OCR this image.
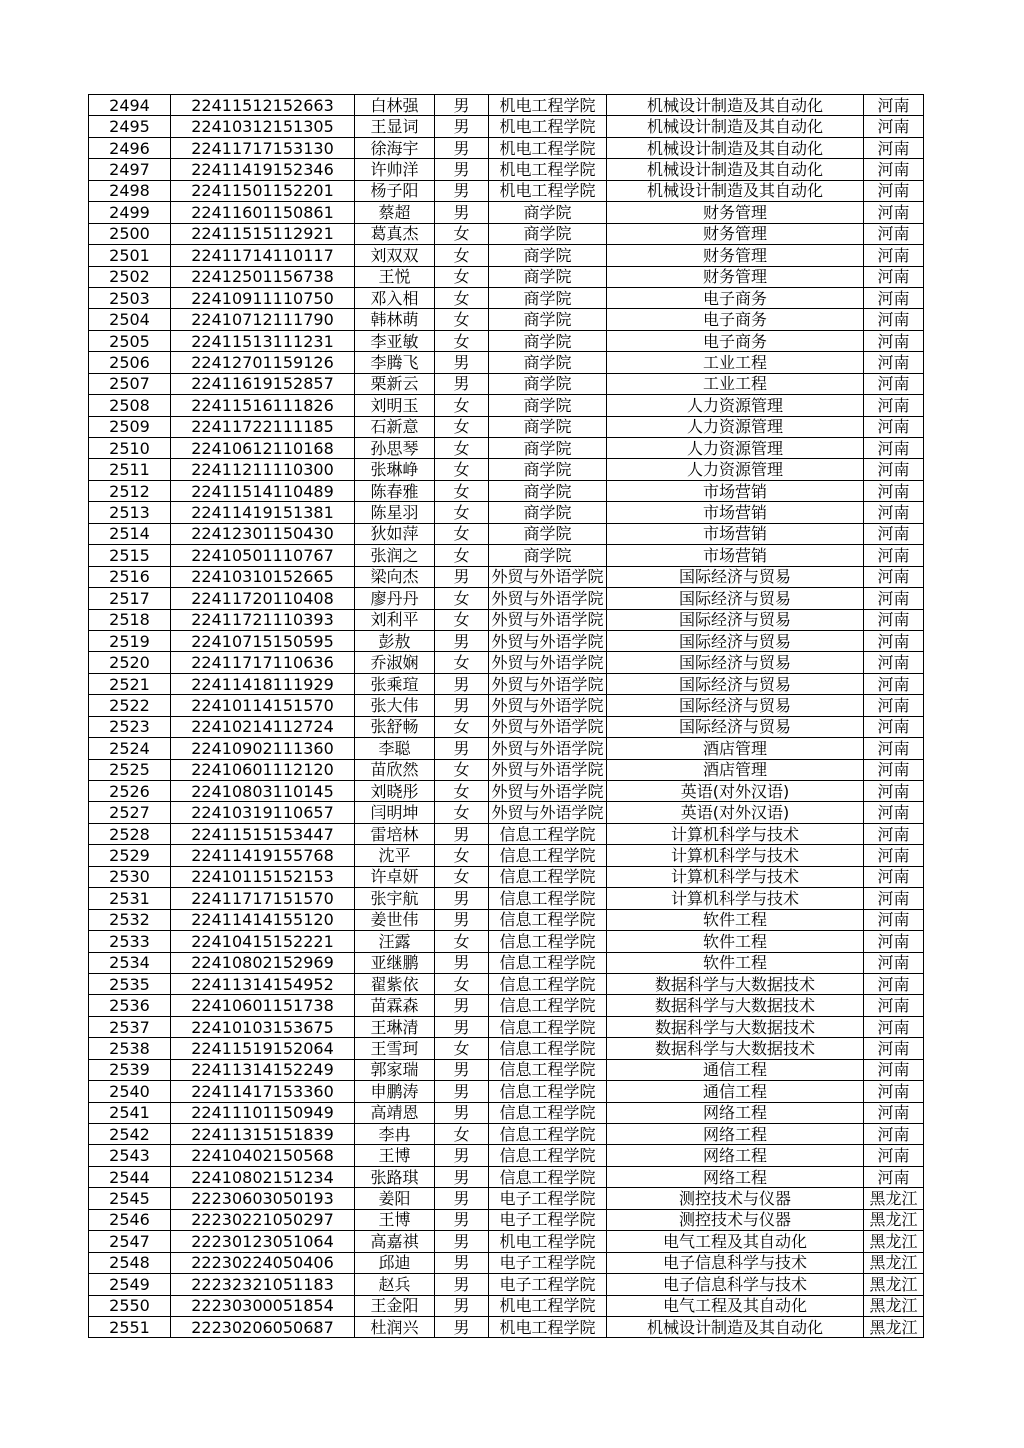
2494	22411512152663	白林强	男	机电工程学院	机械设计制造及其自动化	河南
2495	22410312151305	王显词	男	机电工程学院	机械设计制造及其自动化	河南
2496	22411717153130	徐海宇	男	机电工程学院	机械设计制造及其自动化	河南
2497	22411419152346	许帅洋	男	机电工程学院	机械设计制造及其自动化	河南
2498	22411501152201	杨子阳	男	机电工程学院	机械设计制造及其自动化	河南
2499	22411601150861	蔡超	男	商学院	财务管理	河南
2500	22411515112921	葛真杰	女	商学院	财务管理	河南
2501	22411714110117	刘双双	女	商学院	财务管理	河南
2502	22412501156738	王悦	女	商学院	财务管理	河南
2503	22410911110750	邓入相	女	商学院	电子商务	河南
2504	22410712111790	韩林萌	女	商学院	电子商务	河南
2505	22411513111231	李亚敏	女	商学院	电子商务	河南
2506	22412701159126	李腾飞	男	商学院	工业工程	河南
2507	22411619152857	栗新云	男	商学院	工业工程	河南
2508	22411516111826	刘明玉	女	商学院	人力资源管理	河南
2509	22411722111185	石新意	女	商学院	人力资源管理	河南
2510	22410612110168	孙思琴	女	商学院	人力资源管理	河南
2511	22411211110300	张琳峥	女	商学院	人力资源管理	河南
2512	22411514110489	陈春雅	女	商学院	市场营销	河南
2513	22411419151381	陈星羽	女	商学院	市场营销	河南
2514	22412301150430	狄如萍	女	商学院	市场营销	河南
2515	22410501110767	张润之	女	商学院	市场营销	河南
2516	22410310152665	梁向杰	男	外贸与外语学院	国际经济与贸易	河南
2517	22411720110408	廖丹丹	女	外贸与外语学院	国际经济与贸易	河南
2518	22411721110393	刘利平	女	外贸与外语学院	国际经济与贸易	河南
2519	22410715150595	彭敖	男	外贸与外语学院	国际经济与贸易	河南
2520	22411717110636	乔淑娴	女	外贸与外语学院	国际经济与贸易	河南
2521	22411418111929	张乘瑄	男	外贸与外语学院	国际经济与贸易	河南
2522	22410114151570	张大伟	男	外贸与外语学院	国际经济与贸易	河南
2523	22410214112724	张舒畅	女	外贸与外语学院	国际经济与贸易	河南
2524	22410902111360	李聪	男	外贸与外语学院	酒店管理	河南
2525	22410601112120	苗欣然	女	外贸与外语学院	酒店管理	河南
2526	22410803110145	刘晓彤	女	外贸与外语学院	英语(对外汉语)	河南
2527	22410319110657	闫明坤	女	外贸与外语学院	英语(对外汉语)	河南
2528	22411515153447	雷培林	男	信息工程学院	计算机科学与技术	河南
2529	22411419155768	沈平	女	信息工程学院	计算机科学与技术	河南
2530	22410115152153	许卓妍	女	信息工程学院	计算机科学与技术	河南
2531	22411717151570	张宇航	男	信息工程学院	计算机科学与技术	河南
2532	22411414155120	姜世伟	男	信息工程学院	软件工程	河南
2533	22410415152221	汪露	女	信息工程学院	软件工程	河南
2534	22410802152969	亚继鹏	男	信息工程学院	软件工程	河南
2535	22411314154952	翟紫依	女	信息工程学院	数据科学与大数据技术	河南
2536	22410601151738	苗霖森	男	信息工程学院	数据科学与大数据技术	河南
2537	22410103153675	王琳清	男	信息工程学院	数据科学与大数据技术	河南
2538	22411519152064	王雪珂	女	信息工程学院	数据科学与大数据技术	河南
2539	22411314152249	郭家瑞	男	信息工程学院	通信工程	河南
2540	22411417153360	申鹏涛	男	信息工程学院	通信工程	河南
2541	22411101150949	高靖恩	男	信息工程学院	网络工程	河南
2542	22411315151839	李冉	女	信息工程学院	网络工程	河南
2543	22410402150568	王博	男	信息工程学院	网络工程	河南
2544	22410802151234	张路琪	男	信息工程学院	网络工程	河南
2545	22230603050193	姜阳	男	电子工程学院	测控技术与仪器	黑龙江
2546	22230221050297	王博	男	电子工程学院	测控技术与仪器	黑龙江
2547	22230123051064	高嘉祺	男	机电工程学院	电气工程及其自动化	黑龙江
2548	22230224050406	邱迪	男	电子工程学院	电子信息科学与技术	黑龙江
2549	22232321051183	赵兵	男	电子工程学院	电子信息科学与技术	黑龙江
2550	22230300051854	王金阳	男	机电工程学院	电气工程及其自动化	黑龙江
2551	22230206050687	杜润兴	男	机电工程学院	机械设计制造及其自动化	黑龙江
